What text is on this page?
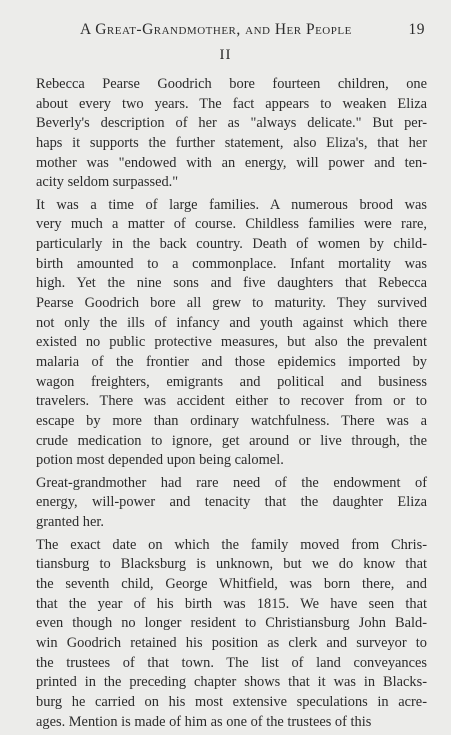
A Great-Grandmother, and Her People	19
II

Rebecca Pearse Goodrich bore fourteen children, one
about every two years. The fact appears to weaken Eliza
Beverly's description of her as "always delicate." But per-
haps it supports the further statement, also Eliza's, that her
mother was "endowed with an energy, will power and ten-
acity seldom surpassed."

It was a time of large families. A numerous brood was
very much a matter of course. Childless families were rare,
particularly in the back country. Death of women by child-
birth amounted to a commonplace. Infant mortality was
high. Yet the nine sons and five daughters that Rebecca
Pearse Goodrich bore all grew to maturity. They survived
not only the ills of infancy and youth against which there
existed no public protective measures, but also the prevalent
malaria of the frontier and those epidemics imported by
wagon freighters, emigrants and political and business
travelers. There was accident either to recover from or to
escape by more than ordinary watchfulness. There was a
crude medication to ignore, get around or live through, the
potion most depended upon being calomel.

Great-grandmother had rare need of the endowment of
energy, will-power and tenacity that the daughter Eliza
granted her.

The exact date on which the family moved from Chris-
tiansburg to Blacksburg is unknown, but we do know that
the seventh child, George Whitfield, was born there, and
that the year of his birth was 1815. We have seen that
even though no longer resident to Christiansburg John Bald-
win Goodrich retained his position as clerk and surveyor to
the trustees of that town. The list of land conveyances
printed in the preceding chapter shows that it was in Blacks-
burg he carried on his most extensive speculations in acre-
ages. Mention is made of him as one of the trustees of this
